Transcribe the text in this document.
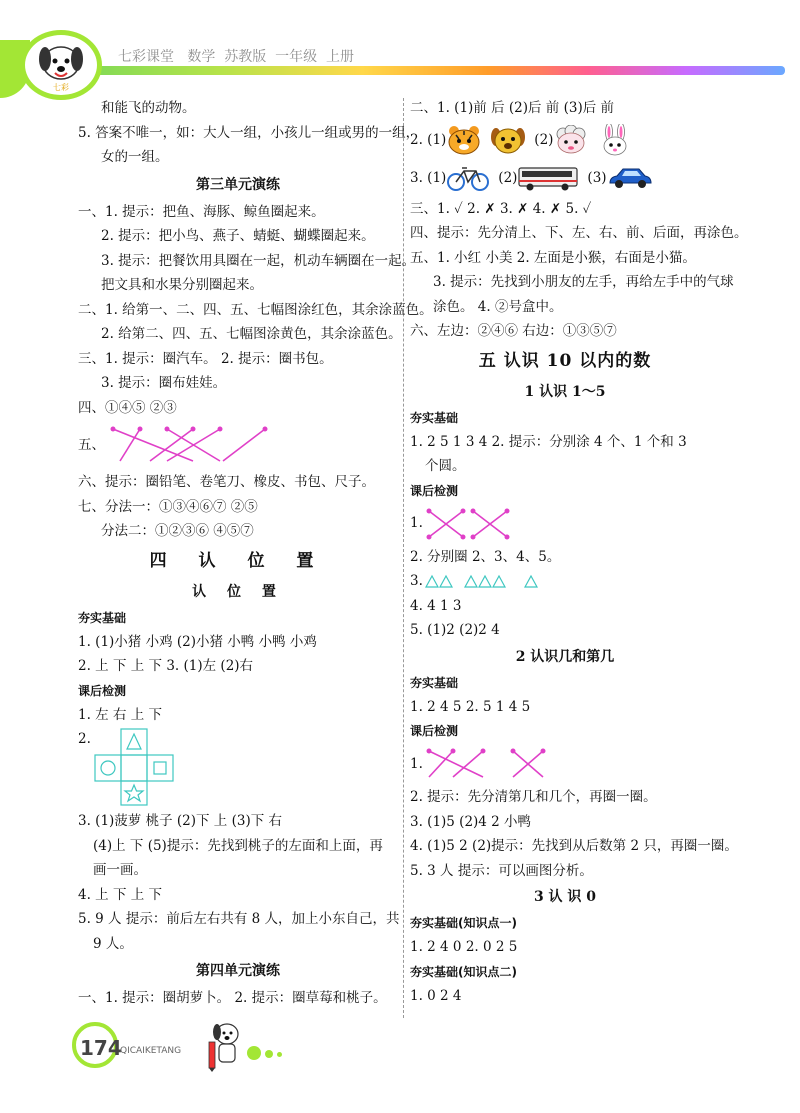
七彩
七彩课堂   数学  苏教版  一年级  上册
和能飞的动物。
5. 答案不唯一，如：大人一组，小孩儿一组或男的一组，
女的一组。
第三单元演练
一、1. 提示：把鱼、海豚、鲸鱼圈起来。
2. 提示：把小鸟、燕子、蜻蜓、蝴蝶圈起来。
3. 提示：把餐饮用具圈在一起，机动车辆圈在一起。
把文具和水果分别圈起来。
二、1. 给第一、二、四、五、七幅图涂红色，其余涂蓝色。
2. 给第二、四、五、七幅图涂黄色，其余涂蓝色。
三、1. 提示：圈汽车。 2. 提示：圈书包。
3. 提示：圈布娃娃。
四、①④⑤ ②③
五、
六、提示：圈铅笔、卷笔刀、橡皮、书包、尺子。
七、分法一：①③④⑥⑦ ②⑤
分法二：①②③⑥ ④⑤⑦
四 认 位 置
认 位 置
夯实基础
1. (1)小猪 小鸡 (2)小猪 小鸭 小鸭 小鸡
2. 上 下 上 下 3. (1)左 (2)右
课后检测
1. 左 右 上 下
2.
3. (1)菠萝 桃子 (2)下 上 (3)下 右
(4)上 下 (5)提示：先找到桃子的左面和上面，再
画一画。
4. 上 下 上 下
5. 9 人 提示：前后左右共有 8 人，加上小东自己，共
9 人。
第四单元演练
一、1. 提示：圈胡萝卜。 2. 提示：圈草莓和桃子。
二、1. (1)前 后 (2)后 前 (3)后 前
2. (1)	(2)
3. (1)	(2)	(3)
三、1. ✓ 2. ✗ 3. ✗ 4. ✗ 5. ✓
四、提示：先分清上、下、左、右、前、后面，再涂色。
五、1. 小红 小美 2. 左面是小猴，右面是小猫。
3. 提示：先找到小朋友的左手，再给左手中的气球
涂色。 4. ②号盒中。
六、左边：②④⑥ 右边：①③⑤⑦
五 认识 10 以内的数
1 认识 1～5
夯实基础
1. 2 5 1 3 4 2. 提示：分别涂 4 个、1 个和 3
个圆。
课后检测
1.
2. 分别圈 2、3、4、5。
3.
4. 4 1 3
5. (1)2 (2)2 4
2 认识几和第几
夯实基础
1. 2 4 5 2. 5 1 4 5
课后检测
1.
2. 提示：先分清第几和几个，再圈一圈。
3. (1)5 (2)4 2 小鸭
4. (1)5 2 (2)提示：先找到从后数第 2 只，再圈一圈。
5. 3 人 提示：可以画图分析。
3 认 识 0
夯实基础(知识点一)
1. 2 4 0 2. 0 2 5
夯实基础(知识点二)
1. 0 2 4
174
QICAIKETANG
